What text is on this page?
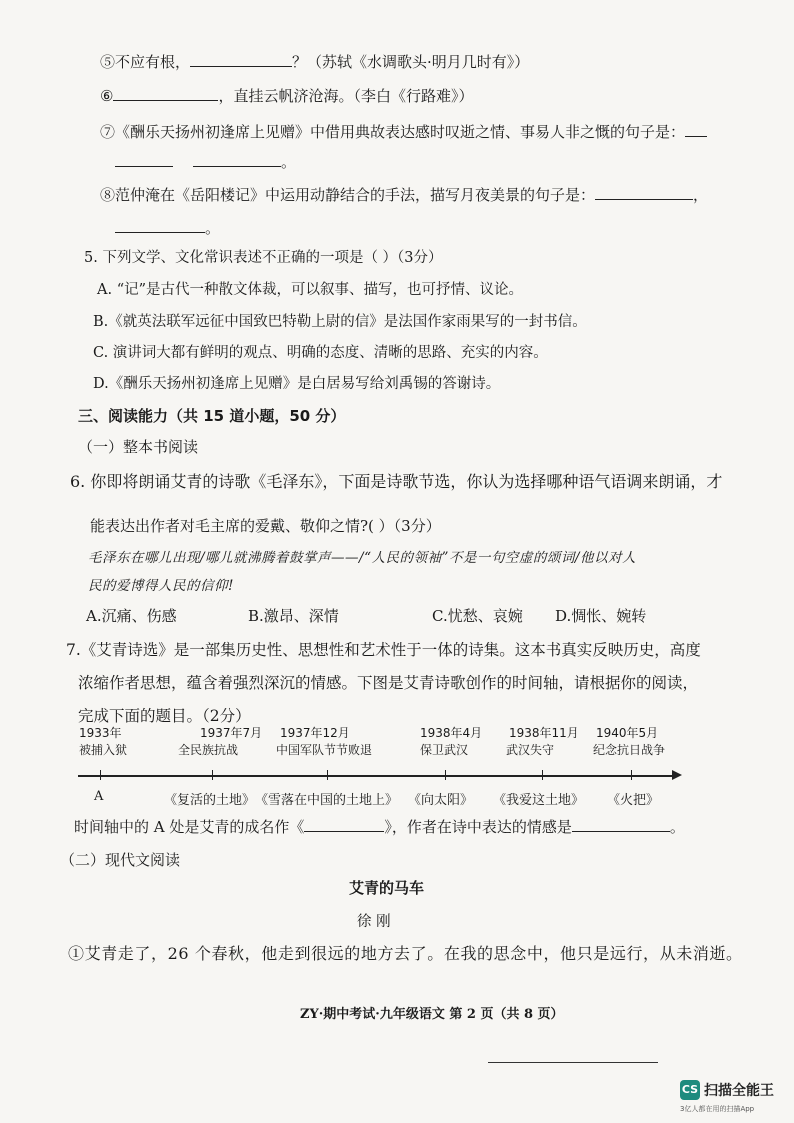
⑤不应有根，	？（苏轼《水调歌头·明月几时有》）
⑥	，直挂云帆济沧海。（李白《行路难》）
⑦《酬乐天扬州初逢席上见赠》中借用典故表达感时叹逝之情、事易人非之慨的句子是：
。
⑧范仲淹在《岳阳楼记》中运用动静结合的手法，描写月夜美景的句子是：	，
。
5. 下列文学、文化常识表述不正确的一项是（ ）（3分）
A. “记”是古代一种散文体裁，可以叙事、描写，也可抒情、议论。
B.《就英法联军远征中国致巴特勒上尉的信》是法国作家雨果写的一封书信。
C. 演讲词大都有鲜明的观点、明确的态度、清晰的思路、充实的内容。
D.《酬乐天扬州初逢席上见赠》是白居易写给刘禹锡的答谢诗。
三、阅读能力（共 15 道小题，50 分）
（一）整本书阅读
6. 你即将朗诵艾青的诗歌《毛泽东》，下面是诗歌节选，你认为选择哪种语气语调来朗诵，才
能表达出作者对毛主席的爱戴、敬仰之情?( ）（3分）
毛泽东在哪儿出现/哪儿就沸腾着鼓掌声——/“人民的领袖”不是一句空虚的颂词/他以对人
民的爱博得人民的信仰!
A.沉痛、伤感	B.激昂、深情	C.忧愁、哀婉 D.惆怅、婉转
7.《艾青诗选》是一部集历史性、思想性和艺术性于一体的诗集。这本书真实反映历史，高度
浓缩作者思想，蕴含着强烈深沉的情感。下图是艾青诗歌创作的时间轴，请根据你的阅读，
完成下面的题目。（2分）
1933年
被捕入狱
1937年7月
全民族抗战
1937年12月
中国军队节节败退
1938年4月
保卫武汉
1938年11月
武汉失守
1940年5月
纪念抗日战争
A	《复活的土地》 《雪落在中国的土地上》 《向太阳》 《我爱这土地》 《火把》
时间轴中的 A 处是艾青的成名作《	》，作者在诗中表达的情感是	。
（二）现代文阅读
艾青的马车
徐 刚
①艾青走了，26 个春秋，他走到很远的地方去了。在我的思念中，他只是远行，从未消逝。
ZY·期中考试·九年级语文 第 2 页（共 8 页）
CS 扫描全能王
3亿人都在用的扫描App
